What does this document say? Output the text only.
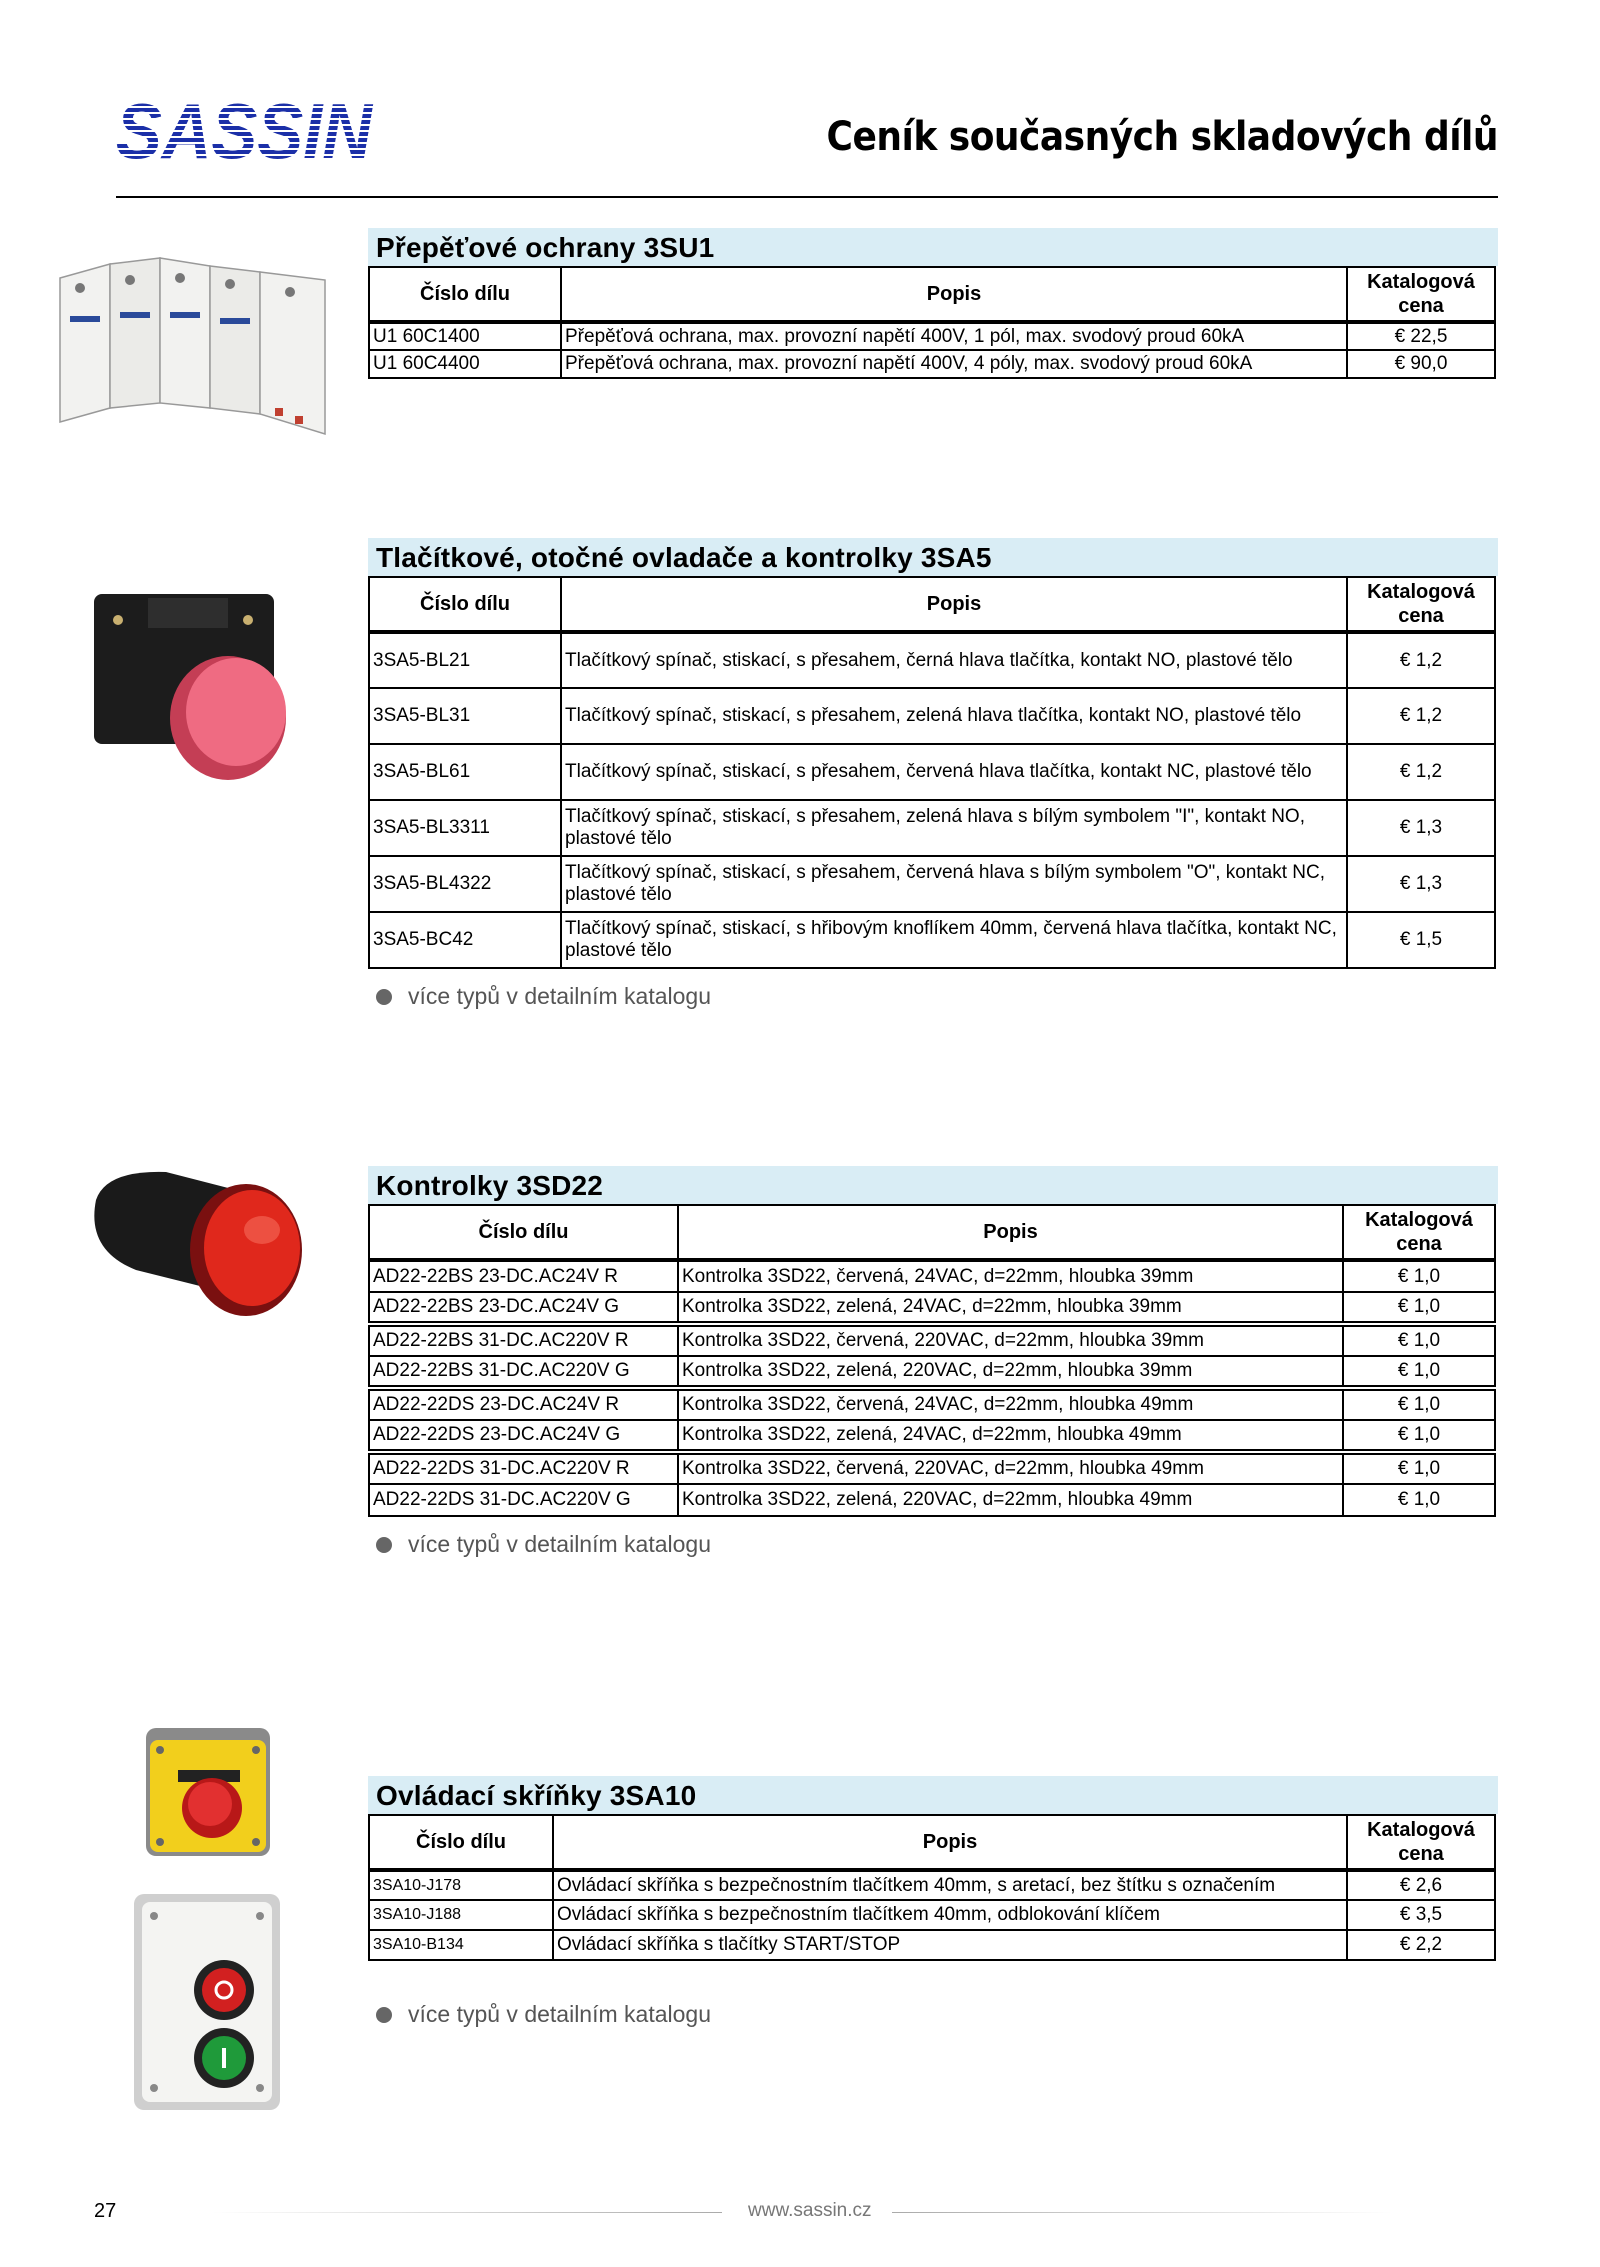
SASSIN	Ceník současných skladových dílů
Přepěťové ochrany 3SU1
Číslo dílu	Popis	Katalogová cena
U1 60C1400	Přepěťová ochrana, max. provozní napětí 400V, 1 pól, max. svodový proud 60kA	€ 22,5
U1 60C4400	Přepěťová ochrana, max. provozní napětí 400V, 4 póly, max. svodový proud 60kA	€ 90,0
Tlačítkové, otočné ovladače a kontrolky 3SA5
Číslo dílu	Popis	Katalogová cena
3SA5-BL21	Tlačítkový spínač, stiskací, s přesahem, černá hlava tlačítka, kontakt NO, plastové tělo	€ 1,2
3SA5-BL31	Tlačítkový spínač, stiskací, s přesahem, zelená hlava tlačítka, kontakt NO, plastové tělo	€ 1,2
3SA5-BL61	Tlačítkový spínač, stiskací, s přesahem, červená hlava tlačítka, kontakt NC, plastové tělo	€ 1,2
3SA5-BL3311	Tlačítkový spínač, stiskací, s přesahem, zelená hlava s bílým symbolem "I", kontakt NO, plastové tělo	€ 1,3
3SA5-BL4322	Tlačítkový spínač, stiskací, s přesahem, červená hlava s bílým symbolem "O", kontakt NC, plastové tělo	€ 1,3
3SA5-BC42	Tlačítkový spínač, stiskací, s hřibovým knoflíkem 40mm, červená hlava tlačítka, kontakt NC, plastové tělo	€ 1,5
více typů v detailním katalogu
Kontrolky 3SD22
Číslo dílu	Popis	Katalogová cena
AD22-22BS 23-DC.AC24V R	Kontrolka 3SD22, červená, 24VAC, d=22mm, hloubka 39mm	€ 1,0
AD22-22BS 23-DC.AC24V G	Kontrolka 3SD22, zelená, 24VAC, d=22mm, hloubka 39mm	€ 1,0
AD22-22BS 31-DC.AC220V R	Kontrolka 3SD22, červená, 220VAC, d=22mm, hloubka 39mm	€ 1,0
AD22-22BS 31-DC.AC220V G	Kontrolka 3SD22, zelená, 220VAC, d=22mm, hloubka 39mm	€ 1,0
AD22-22DS 23-DC.AC24V R	Kontrolka 3SD22, červená, 24VAC, d=22mm, hloubka 49mm	€ 1,0
AD22-22DS 23-DC.AC24V G	Kontrolka 3SD22, zelená, 24VAC, d=22mm, hloubka 49mm	€ 1,0
AD22-22DS 31-DC.AC220V R	Kontrolka 3SD22, červená, 220VAC, d=22mm, hloubka 49mm	€ 1,0
AD22-22DS 31-DC.AC220V G	Kontrolka 3SD22, zelená, 220VAC, d=22mm, hloubka 49mm	€ 1,0
více typů v detailním katalogu
Ovládací skříňky 3SA10
Číslo dílu	Popis	Katalogová cena
3SA10-J178	Ovládací skříňka s bezpečnostním tlačítkem 40mm, s aretací, bez štítku s označením	€ 2,6
3SA10-J188	Ovládací skříňka s bezpečnostním tlačítkem 40mm, odblokování klíčem	€ 3,5
3SA10-B134	Ovládací skříňka s tlačítky START/STOP	€ 2,2
více typů v detailním katalogu
27	www.sassin.cz
